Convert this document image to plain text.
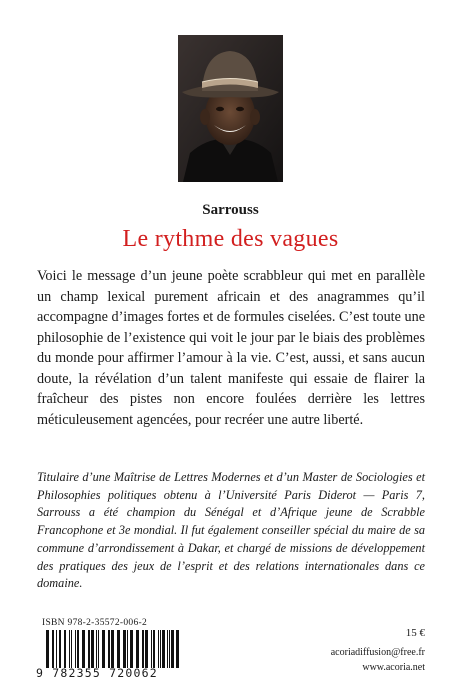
Sarrouss
Le rythme des vagues

Voici le message d’un jeune poète scrabbleur qui met en parallèle un champ lexical purement africain et des anagrammes qu’il accompagne d’images fortes et de formules ciselées. C’est toute une philosophie de l’existence qui voit le jour par le biais des problèmes du monde pour affirmer l’amour à la vie. C’est, aussi, et sans aucun doute, la révélation d’un talent manifeste qui essaie de flairer la fraîcheur des pistes non encore foulées derrière les lettres méticuleusement agencées, pour recréer une autre liberté.

Titulaire d’une Maîtrise de Lettres Modernes et d’un Master de Sociologies et Philosophies politiques obtenu à l’Université Paris Diderot — Paris 7, Sarrouss a été champion du Sénégal et d’Afrique jeune de Scrabble Francophone et 3e mondial. Il fut également conseiller spécial du maire de sa commune d’arrondissement à Dakar, et chargé de missions de développement des pratiques des jeux de l’esprit et des relations internationales dans ce domaine.

ISBN 978-2-35572-006-2
9 782355 720062
15 €
acoriadiffusion@free.fr
www.acoria.net
